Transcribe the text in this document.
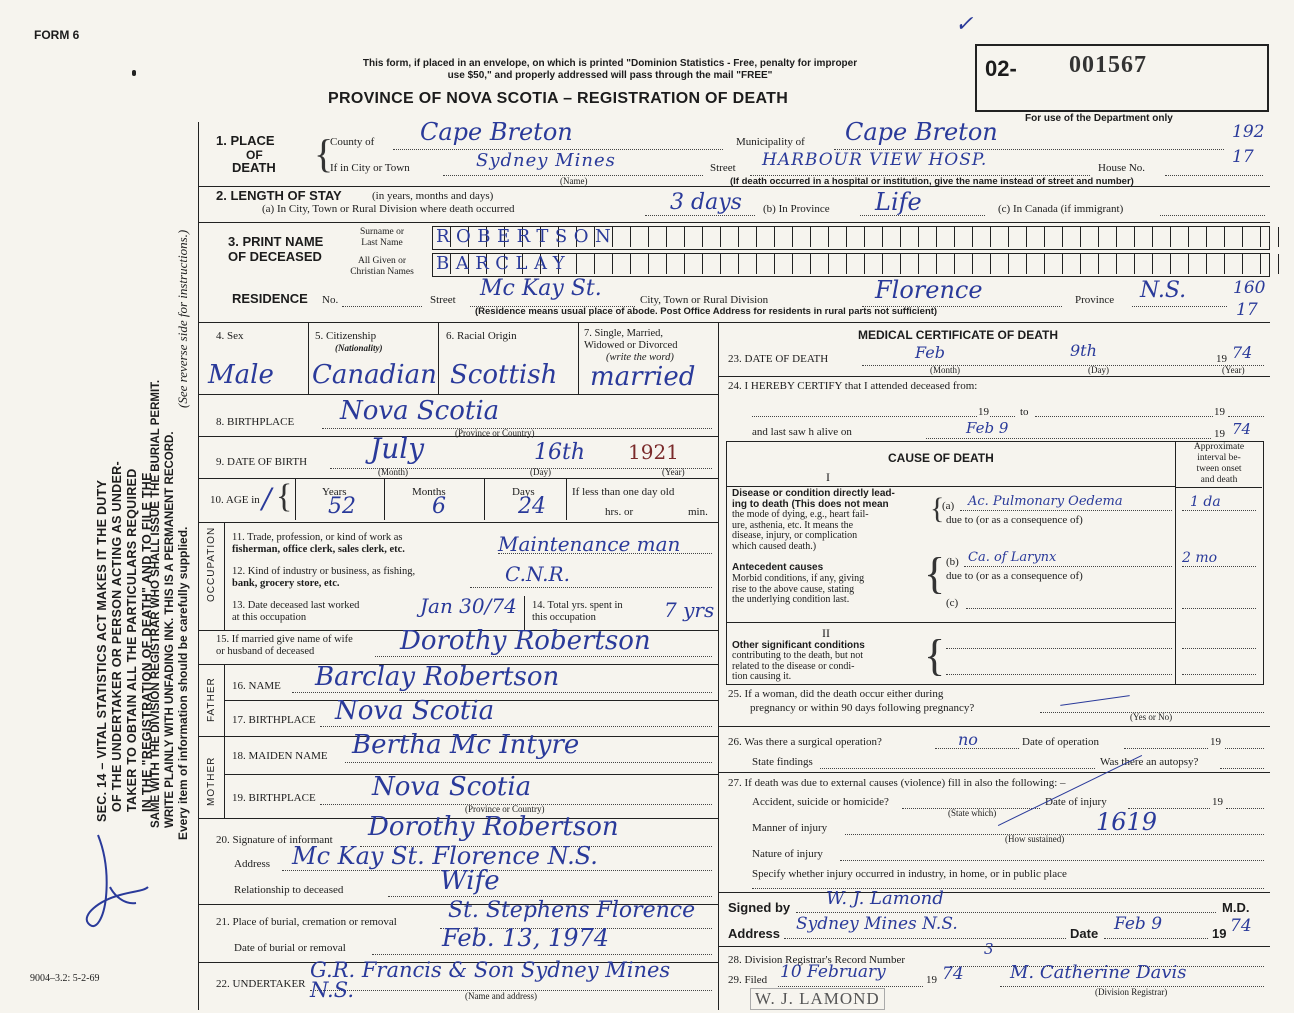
FORM 6
SEC. 14 – VITAL STATISTICS ACT MAKES IT THE DUTY OF THE UNDERTAKER OR PERSON ACTING AS UNDER- TAKER TO OBTAIN ALL THE PARTICULARS REQUIRED IN THE "REGISTRATION OF DEATH" AND TO FILE THE
SAME WITH THE DIVISION REGISTRAR WHO SHALL ISSUE THE BURIAL PERMIT. WRITE PLAINLY WITH UNFADING INK. THIS IS A PERMANENT RECORD.
(See reverse side for instructions.)
Every item of information should be carefully supplied.
9004–3.2: 5-2-69
This form, if placed in an envelope, on which is printed "Dominion Statistics - Free, penalty for improper
use $50," and properly addressed will pass through the mail "FREE"
PROVINCE OF NOVA SCOTIA – REGISTRATION OF DEATH
✓
02- 001567
For use of the Department only
192
17
160
17
1. PLACE
OF
DEATH {
County of Cape Breton	Municipality of Cape Breton
If in City or Town	Sydney Mines
(Name)
Street HARBOUR VIEW HOSP.	House No.
(If death occurred in a hospital or institution, give the name instead of street and number)
2. LENGTH OF STAY	(in years, months and days)
(a) In City, Town or Rural Division where death occurred	3 days (b) In Province Life	(c) In Canada (if immigrant)
3. PRINT NAME
OF DECEASED
Surname or
Last Name
All Given or
Christian Names
ROBERTSON
BARCLAY
RESIDENCE No.	Street Mc Kay St.	City, Town or Rural Division	Florence	Province N.S.
(Residence means usual place of abode. Post Office Address for residents in rural parts not sufficient)
4. Sex
Male
5. Citizenship
(Nationality)
Canadian
6. Racial Origin
Scottish
7. Single, Married,
Widowed or Divorced
(write the word)
married
8. BIRTHPLACE Nova Scotia
(Province or Country)
9. DATE OF BIRTH July	16th 1921
(Month)	(Day)	(Year)
10. AGE in {
/	Years	Months	Days
52	6	24
If less than one day old
hrs. or	min.
OCCUPATION 11. Trade, profession, or kind of work as
fisherman, office clerk, sales clerk, etc.	Maintenance man
12. Kind of industry or business, as fishing,
bank, grocery store, etc.	C.N.R.
13. Date deceased last worked
at this occupation	Jan 30/74 14. Total yrs. spent in
this occupation	7 yrs
15. If married give name of wife
or husband of deceased	Dorothy Robertson
FATHER 16. NAME Barclay Robertson
17. BIRTHPLACE Nova Scotia
MOTHER
18. MAIDEN NAME Bertha Mc Intyre
19. BIRTHPLACE Nova Scotia
(Province or Country)
20. Signature of informant Dorothy Robertson
Address Mc Kay St. Florence N.S.
Relationship to deceased	Wife
21. Place of burial, cremation or removal St. Stephens Florence
Date of burial or removal	Feb. 13, 1974
22. UNDERTAKER
G.R. Francis & Son Sydney Mines N.S.	(Name and address)
MEDICAL CERTIFICATE OF DEATH
23. DATE OF DEATH	Feb	9th	19 74
(Month)	(Day)	(Year)
24. I HEREBY CERTIFY that I attended deceased from:
19	to	19
and last saw h alive on	Feb 9	19 74
CAUSE OF DEATH
Approximate
interval be-
tween onset
and death
I
Disease or condition directly lead-
ing to death (This does not mean
the mode of dying, e.g., heart fail-
ure, asthenia, etc. It means the
disease, injury, or complication
which caused death.)
(a)
{ Ac. Pulmonary Oedema	1 da
due to (or as a consequence of)
Antecedent causes
Morbid conditions, if any, giving
rise to the above cause, stating
the underlying condition last.
{ (b) Ca. of Larynx	2 mo
due to (or as a consequence of)
(c)
II
Other significant conditions
contributing to the death, but not
related to the disease or condi-
tion causing it.	{
25. If a woman, did the death occur either during
pregnancy or within 90 days following pregnancy?
(Yes or No)
26. Was there a surgical operation?	no	Date of operation	19
State findings	Was there an autopsy?
27. If death was due to external causes (violence) fill in also the following: –
Accident, suicide or homicide?	Date of injury	19
(State which)
Manner of injury	1619
(How sustained)
Nature of injury
Specify whether injury occurred in industry, in home, or in public place
Signed by W. J. Lamond	M.D.
Address Sydney Mines N.S.	Date Feb 9	19 74
28. Division Registrar's Record Number
3
29. Filed 10 February	19 74	M. Catherine Davis
(Division Registrar)
W. J. LAMOND
